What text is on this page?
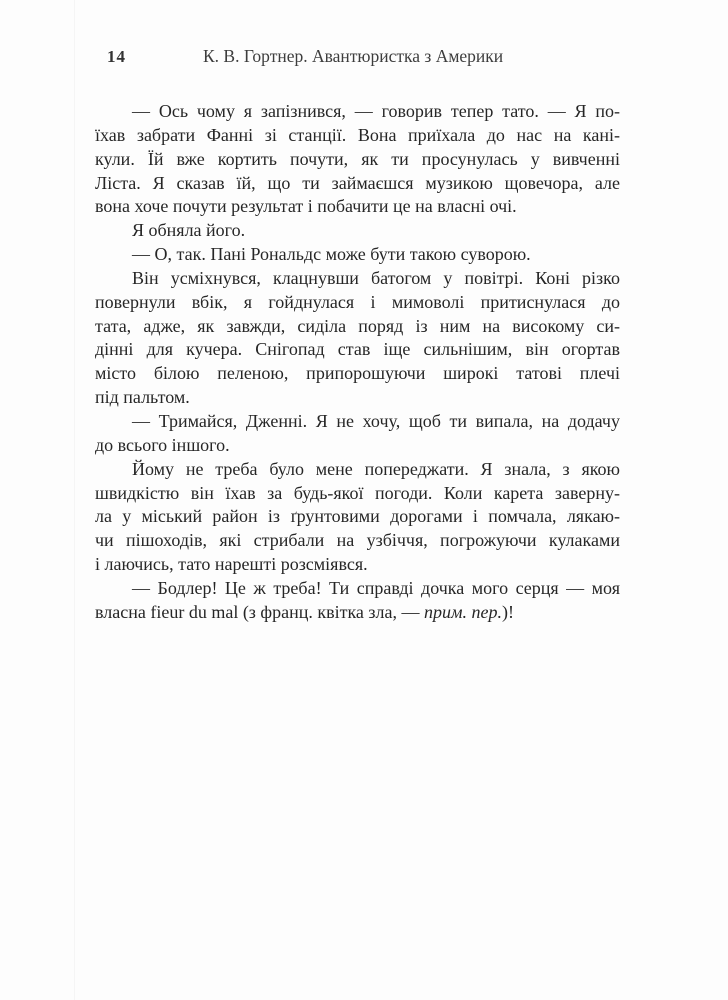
14	К. В. Гортнер. Авантюристка з Америки
— Ось чому я запізнився, — говорив тепер тато. — Я по-
їхав забрати Фанні зі станції. Вона приїхала до нас на кані-
кули. Їй вже кортить почути, як ти просунулась у вивченні
Ліста. Я сказав їй, що ти займаєшся музикою щовечора, але
вона хоче почути результат і побачити це на власні очі.
Я обняла його.
— О, так. Пані Рональдс може бути такою суворою.
Він усміхнувся, клацнувши батогом у повітрі. Коні різко
повернули вбік, я гойднулася і мимоволі притиснулася до
тата, адже, як завжди, сиділа поряд із ним на високому си-
дінні для кучера. Снігопад став іще сильнішим, він огортав
місто білою пеленою, припорошуючи широкі татові плечі
під пальтом.
— Тримайся, Дженні. Я не хочу, щоб ти випала, на додачу
до всього іншого.
Йому не треба було мене попереджати. Я знала, з якою
швидкістю він їхав за будь-якої погоди. Коли карета заверну-
ла у міський район із ґрунтовими дорогами і помчала, лякаю-
чи пішоходів, які стрибали на узбіччя, погрожуючи кулаками
і лаючись, тато нарешті розсміявся.
— Бодлер! Це ж треба! Ти справді дочка мого серця — моя
власна fieur du mal (з франц. квітка зла, — прим. пер.)!
